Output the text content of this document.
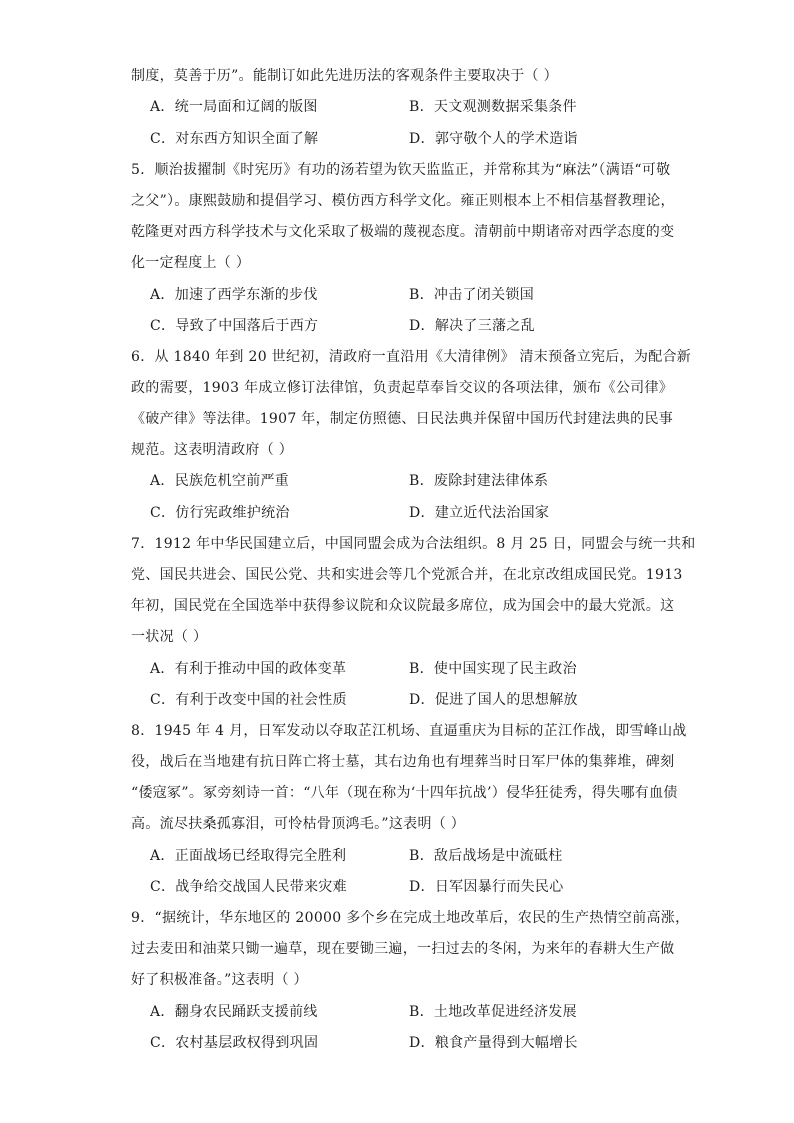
制度，莫善于历”。能制订如此先进历法的客观条件主要取决于（ ）
A．统一局面和辽阔的版图	B．天文观测数据采集条件
C．对东西方知识全面了解	D．郭守敬个人的学术造诣
5．顺治拔擢制《时宪历》有功的汤若望为钦天监监正，并常称其为“麻法”（满语“可敬
之父”）。康熙鼓励和提倡学习、模仿西方科学文化。雍正则根本上不相信基督教理论，
乾隆更对西方科学技术与文化采取了极端的蔑视态度。清朝前中期诸帝对西学态度的变
化一定程度上（ ）
A．加速了西学东渐的步伐	B．冲击了闭关锁国
C．导致了中国落后于西方	D．解决了三藩之乱
6．从 1840 年到 20 世纪初，清政府一直沿用《大清律例》 清末预备立宪后，为配合新
政的需要，1903 年成立修订法律馆，负责起草奉旨交议的各项法律，颁布《公司律》
《破产律》等法律。1907 年，制定仿照德、日民法典并保留中国历代封建法典的民事
规范。这表明清政府（ ）
A．民族危机空前严重	B．废除封建法律体系
C．仿行宪政维护统治	D．建立近代法治国家
7．1912 年中华民国建立后，中国同盟会成为合法组织。8 月 25 日，同盟会与统一共和
党、国民共进会、国民公党、共和实进会等几个党派合并，在北京改组成国民党。1913
年初，国民党在全国选举中获得参议院和众议院最多席位，成为国会中的最大党派。这
一状况（ ）
A．有利于推动中国的政体变革	B．使中国实现了民主政治
C．有利于改变中国的社会性质	D．促进了国人的思想解放
8．1945 年 4 月，日军发动以夺取芷江机场、直逼重庆为目标的芷江作战，即雪峰山战
役，战后在当地建有抗日阵亡将士墓，其右边角也有埋葬当时日军尸体的集葬堆，碑刻
“倭寇冢”。冢旁刻诗一首：“八年（现在称为‘十四年抗战’）侵华狂徒秀，得失哪有血债
高。流尽扶桑孤寡泪，可怜枯骨顶鸿毛。”这表明（ ）
A．正面战场已经取得完全胜利	B．敌后战场是中流砥柱
C．战争给交战国人民带来灾难	D．日军因暴行而失民心
9．“据统计，华东地区的 20000 多个乡在完成土地改革后，农民的生产热情空前高涨，
过去麦田和油菜只锄一遍草，现在要锄三遍，一扫过去的冬闲，为来年的春耕大生产做
好了积极准备。”这表明（ ）
A．翻身农民踊跃支援前线	B．土地改革促进经济发展
C．农村基层政权得到巩固	D．粮食产量得到大幅增长
